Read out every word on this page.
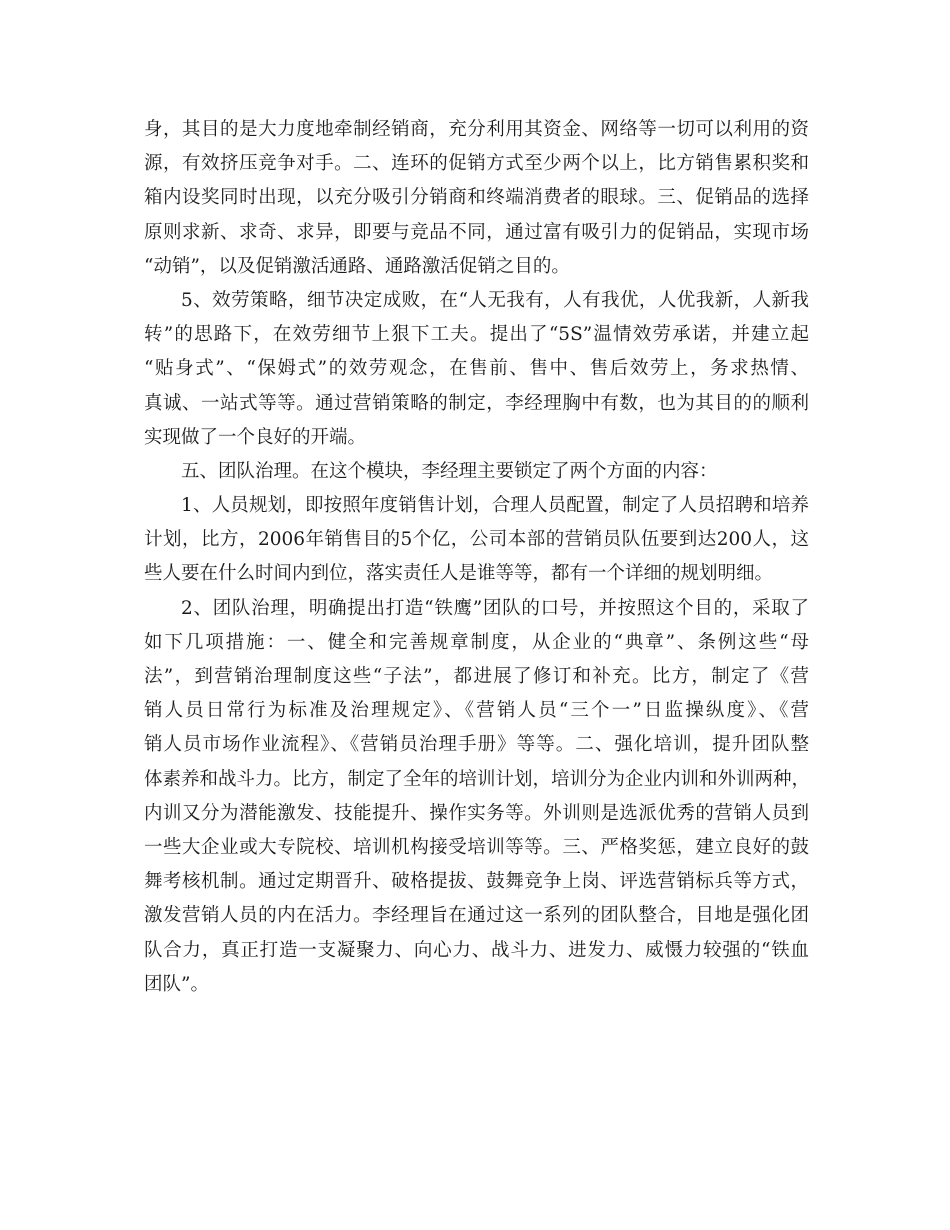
身，其目的是大力度地牵制经销商，充分利用其资金、网络等一切可以利用的资
源，有效挤压竞争对手。二、连环的促销方式至少两个以上，比方销售累积奖和
箱内设奖同时出现，以充分吸引分销商和终端消费者的眼球。三、促销品的选择
原则求新、求奇、求异，即要与竞品不同，通过富有吸引力的促销品，实现市场
“动销”，以及促销激活通路、通路激活促销之目的。
5、效劳策略，细节决定成败，在“人无我有，人有我优，人优我新，人新我
转”的思路下，在效劳细节上狠下工夫。提出了“5S”温情效劳承诺，并建立起
“贴身式”、“保姆式”的效劳观念，在售前、售中、售后效劳上，务求热情、
真诚、一站式等等。通过营销策略的制定，李经理胸中有数，也为其目的的顺利
实现做了一个良好的开端。
五、团队治理。在这个模块，李经理主要锁定了两个方面的内容：
1、人员规划，即按照年度销售计划，合理人员配置，制定了人员招聘和培养
计划，比方，2006年销售目的5个亿，公司本部的营销员队伍要到达200人，这
些人要在什么时间内到位，落实责任人是谁等等，都有一个详细的规划明细。
2、团队治理，明确提出打造“铁鹰”团队的口号，并按照这个目的，采取了
如下几项措施：一、健全和完善规章制度，从企业的“典章”、条例这些“母
法”，到营销治理制度这些“子法”，都进展了修订和补充。比方，制定了《营
销人员日常行为标准及治理规定》、《营销人员“三个一”日监操纵度》、《营
销人员市场作业流程》、《营销员治理手册》等等。二、强化培训，提升团队整
体素养和战斗力。比方，制定了全年的培训计划，培训分为企业内训和外训两种，
内训又分为潜能激发、技能提升、操作实务等。外训则是选派优秀的营销人员到
一些大企业或大专院校、培训机构接受培训等等。三、严格奖惩，建立良好的鼓
舞考核机制。通过定期晋升、破格提拔、鼓舞竞争上岗、评选营销标兵等方式，
激发营销人员的内在活力。李经理旨在通过这一系列的团队整合，目地是强化团
队合力，真正打造一支凝聚力、向心力、战斗力、进发力、威慑力较强的“铁血
团队”。
